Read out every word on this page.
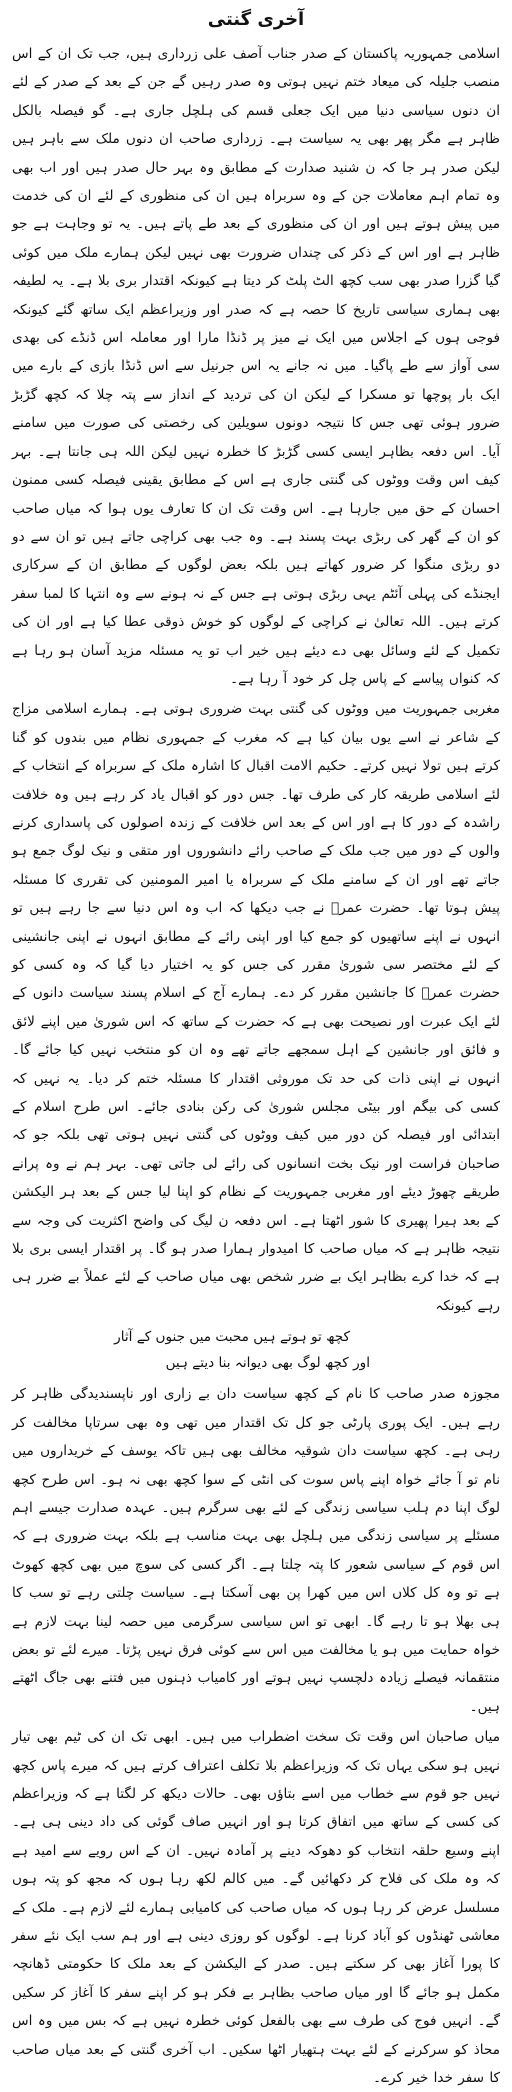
آخری گنتی

اسلامی جمہوریہ پاکستان کے صدر جناب آصف علی زرداری ہیں، جب تک ان کے اس منصب جلیلہ کی میعاد ختم نہیں ہوتی وہ صدر رہیں گے جن کے بعد کے صدر کے لئے ان دنوں سیاسی دنیا میں ایک جعلی قسم کی ہلچل جاری ہے۔ گو فیصلہ بالکل ظاہر ہے مگر پھر بھی یہ سیاست ہے۔ زرداری صاحب ان دنوں ملک سے باہر ہیں لیکن صدر ہر جا کہ ن شنید صدارت کے مطابق وہ بہر حال صدر ہیں اور اب بھی وہ تمام اہم معاملات جن کے وہ سربراہ ہیں ان کی منظوری کے لئے ان کی خدمت میں پیش ہوتے ہیں اور ان کی منظوری کے بعد طے پاتے ہیں۔ یہ تو وجاہت ہے جو ظاہر ہے اور اس کے ذکر کی چنداں ضرورت بھی نہیں لیکن ہمارے ملک میں کوئی گیا گزرا صدر بھی سب کچھ الٹ پلٹ کر دیتا ہے کیونکہ اقتدار بری بلا ہے۔ یہ لطیفہ بھی ہماری سیاسی تاریخ کا حصہ ہے کہ صدر اور وزیراعظم ایک ساتھ گئے کیونکہ فوجی ہوں کے اجلاس میں ایک نے میز پر ڈنڈا مارا اور معاملہ اس ڈنڈے کی بھدی سی آواز سے طے پاگیا۔ میں نہ جانے یہ اس جرنیل سے اس ڈنڈا بازی کے بارے میں ایک بار پوچھا تو مسکرا کے لیکن ان کی تردید کے انداز سے پتہ چلا کہ کچھ گڑبڑ ضرور ہوئی تھی جس کا نتیجہ دونوں سویلین کی رخصتی کی صورت میں سامنے آیا۔ اس دفعہ بظاہر ایسی کسی گڑبڑ کا خطرہ نہیں لیکن اللہ ہی جانتا ہے۔ بہر کیف اس وقت ووٹوں کی گنتی جاری ہے اس کے مطابق یقینی فیصلہ کسی ممنون احسان کے حق میں جارہا ہے۔ اس وقت تک ان کا تعارف یوں ہوا کہ میاں صاحب کو ان کے گھر کی ربڑی بہت پسند ہے۔ وہ جب بھی کراچی جاتے ہیں تو ان سے دو دو ربڑی منگوا کر ضرور کھاتے ہیں بلکہ بعض لوگوں کے مطابق ان کے سرکاری ایجنڈے کی پہلی آئٹم یہی ربڑی ہوتی ہے جس کے نہ ہونے سے وہ انتہا کا لمبا سفر کرتے ہیں۔ اللہ تعالیٰ نے کراچی کے لوگوں کو خوش ذوقی عطا کیا ہے اور ان کی تکمیل کے لئے وسائل بھی دے دیئے ہیں خیر اب تو یہ مسئلہ مزید آسان ہو رہا ہے کہ کنواں پیاسے کے پاس چل کر خود آ رہا ہے۔

مغربی جمہوریت میں ووٹوں کی گنتی بہت ضروری ہوتی ہے۔ ہمارے اسلامی مزاج کے شاعر نے اسے یوں بیان کیا ہے کہ مغرب کے جمہوری نظام میں بندوں کو گنا کرتے ہیں تولا نہیں کرتے۔ حکیم الامت اقبال کا اشارہ ملک کے سربراہ کے انتخاب کے لئے اسلامی طریقہ کار کی طرف تھا۔ جس دور کو اقبال یاد کر رہے ہیں وہ خلافت راشدہ کے دور کا ہے اور اس کے بعد اس خلافت کے زندہ اصولوں کی پاسداری کرنے والوں کے دور میں جب ملک کے صاحب رائے دانشوروں اور متقی و نیک لوگ جمع ہو جاتے تھے اور ان کے سامنے ملک کے سربراہ یا امیر المومنین کی تقرری کا مسئلہ پیش ہوتا تھا۔ حضرت عمرؓ نے جب دیکھا کہ اب وہ اس دنیا سے جا رہے ہیں تو انہوں نے اپنے ساتھیوں کو جمع کیا اور اپنی رائے کے مطابق انہوں نے اپنی جانشینی کے لئے مختصر سی شوریٰ مقرر کی جس کو یہ اختیار دیا گیا کہ وہ کسی کو حضرت عمرؓ کا جانشین مقرر کر دے۔ ہمارے آج کے اسلام پسند سیاست دانوں کے لئے ایک عبرت اور نصیحت بھی ہے کہ حضرت کے ساتھ کہ اس شوریٰ میں اپنے لائق و فائق اور جانشین کے اہل سمجھے جاتے تھے وہ ان کو منتخب نہیں کیا جائے گا۔ انہوں نے اپنی ذات کی حد تک موروثی اقتدار کا مسئلہ ختم کر دیا۔ یہ نہیں کہ کسی کی بیگم اور بیٹی مجلس شوریٰ کی رکن بنادی جائے۔ اس طرح اسلام کے ابتدائی اور فیصلہ کن دور میں کیف ووٹوں کی گنتی نہیں ہوتی تھی بلکہ جو کہ صاحبان فراست اور نیک بخت انسانوں کی رائے لی جاتی تھی۔ بہر ہم نے وہ پرانے طریقے چھوڑ دیئے اور مغربی جمہوریت کے نظام کو اپنا لیا جس کے بعد ہر الیکشن کے بعد ہیرا پھیری کا شور اٹھتا ہے۔ اس دفعہ ن لیگ کی واضح اکثریت کی وجہ سے نتیجہ ظاہر ہے کہ میاں صاحب کا امیدوار ہمارا صدر ہو گا۔ پر اقتدار ایسی بری بلا ہے کہ خدا کرے بظاہر ایک بے ضرر شخص بھی میاں صاحب کے لئے عملاً بے ضرر ہی رہے کیونکہ

کچھ تو ہوتے ہیں محبت میں جنوں کے آثار
اور کچھ لوگ بھی دیوانہ بنا دیتے ہیں

مجوزہ صدر صاحب کا نام کے کچھ سیاست دان بے زاری اور ناپسندیدگی ظاہر کر رہے ہیں۔ ایک پوری پارٹی جو کل تک اقتدار میں تھی وہ بھی سرتاپا مخالفت کر رہی ہے۔ کچھ سیاست دان شوقیہ مخالف بھی ہیں تاکہ یوسف کے خریداروں میں نام تو آ جائے خواہ اپنے پاس سوت کی انٹی کے سوا کچھ بھی نہ ہو۔ اس طرح کچھ لوگ اپنا دم ہلب سیاسی زندگی کے لئے بھی سرگرم ہیں۔ عہدہ صدارت جیسے اہم مسئلے پر سیاسی زندگی میں ہلچل بھی بہت مناسب ہے بلکہ بہت ضروری ہے کہ اس قوم کے سیاسی شعور کا پتہ چلتا ہے۔ اگر کسی کی سوچ میں بھی کچھ کھوٹ ہے تو وہ کل کلاں اس میں کھرا پن بھی آسکتا ہے۔ سیاست چلتی رہے تو سب کا ہی بھلا ہو تا رہے گا۔ ابھی تو اس سیاسی سرگرمی میں حصہ لینا بہت لازم ہے خواہ حمایت میں ہو یا مخالفت میں اس سے کوئی فرق نہیں پڑتا۔ میرے لئے تو بعض منتقمانہ فیصلے زیادہ دلچسپ نہیں ہوتے اور کامیاب ذہنوں میں فتنے بھی جاگ اٹھتے ہیں۔

میاں صاحبان اس وقت تک سخت اضطراب میں ہیں۔ ابھی تک ان کی ٹیم بھی تیار نہیں ہو سکی یہاں تک کہ وزیراعظم بلا تکلف اعتراف کرتے ہیں کہ میرے پاس کچھ نہیں جو قوم سے خطاب میں اسے بتاؤں بھی۔ حالات دیکھ کر لگتا ہے کہ وزیراعظم کی کسی کے ساتھ میں اتفاق کرتا ہو اور انہیں صاف گوئی کی داد دینی ہی ہے۔ اپنے وسیع حلقہ انتخاب کو دھوکہ دینے پر آمادہ نہیں۔ ان کے اس رویے سے امید ہے کہ وہ ملک کی فلاح کر دکھائیں گے۔ میں کالم لکھ رہا ہوں کہ مجھ کو پتہ ہوں مسلسل عرض کر رہا ہوں کہ میاں صاحب کی کامیابی ہمارے لئے لازم ہے۔ ملک کے معاشی ٹھنڈوں کو آباد کرنا ہے۔ لوگوں کو روزی دینی ہے اور ہم سب ایک نئے سفر کا پورا آغاز بھی کر سکتے ہیں۔ صدر کے الیکشن کے بعد ملک کا حکومتی ڈھانچہ مکمل ہو جائے گا اور میاں صاحب بظاہر بے فکر ہو کر اپنے سفر کا آغاز کر سکیں گے۔ انہیں فوج کی طرف سے بھی بالفعل کوئی خطرہ نہیں ہے کہ بس میں وہ اس محاذ کو سرکرنے کے لئے بہت ہتھیار اٹھا سکیں۔ اب آخری گنتی کے بعد میاں صاحب کا سفر خدا خیر کرے۔
